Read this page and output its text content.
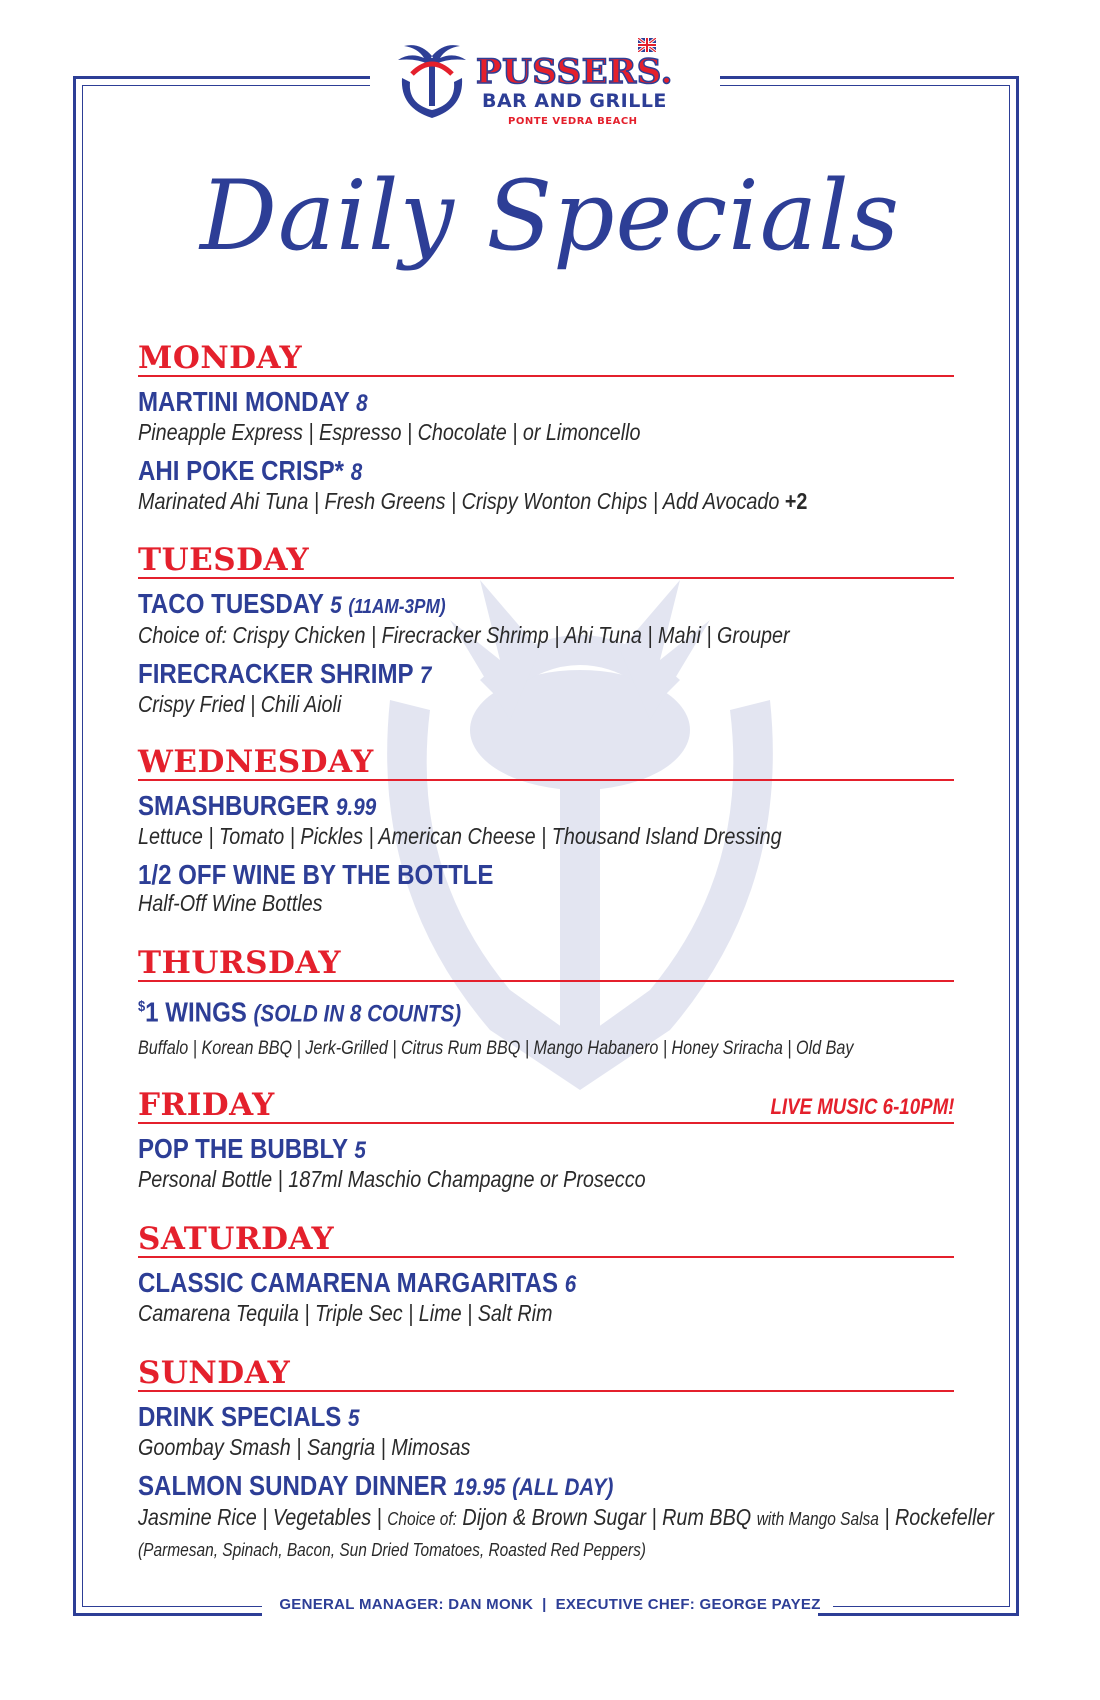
PUSSERS.
BAR AND GRILLE
PONTE VEDRA BEACH
Daily Specials
MONDAY
MARTINI MONDAY 8
Pineapple Express | Espresso | Chocolate | or Limoncello
AHI POKE CRISP* 8
Marinated Ahi Tuna | Fresh Greens | Crispy Wonton Chips | Add Avocado +2
TUESDAY
TACO TUESDAY 5 (11AM-3PM)
Choice of: Crispy Chicken | Firecracker Shrimp | Ahi Tuna | Mahi | Grouper
FIRECRACKER SHRIMP 7
Crispy Fried | Chili Aioli
WEDNESDAY
SMASHBURGER 9.99
Lettuce | Tomato | Pickles | American Cheese | Thousand Island Dressing
1/2 OFF WINE BY THE BOTTLE
Half-Off Wine Bottles
THURSDAY
$1 WINGS (SOLD IN 8 COUNTS)
Buffalo | Korean BBQ | Jerk-Grilled | Citrus Rum BBQ | Mango Habanero | Honey Sriracha | Old Bay
FRIDAY	LIVE MUSIC 6-10PM!
POP THE BUBBLY 5
Personal Bottle | 187ml Maschio Champagne or Prosecco
SATURDAY
CLASSIC CAMARENA MARGARITAS 6
Camarena Tequila | Triple Sec | Lime | Salt Rim
SUNDAY
DRINK SPECIALS 5
Goombay Smash | Sangria | Mimosas
SALMON SUNDAY DINNER 19.95 (ALL DAY)
Jasmine Rice | Vegetables | Choice of: Dijon & Brown Sugar | Rum BBQ with Mango Salsa | Rockefeller (Parmesan, Spinach, Bacon, Sun Dried Tomatoes, Roasted Red Peppers)
GENERAL MANAGER: DAN MONK  |  EXECUTIVE CHEF: GEORGE PAYEZ
